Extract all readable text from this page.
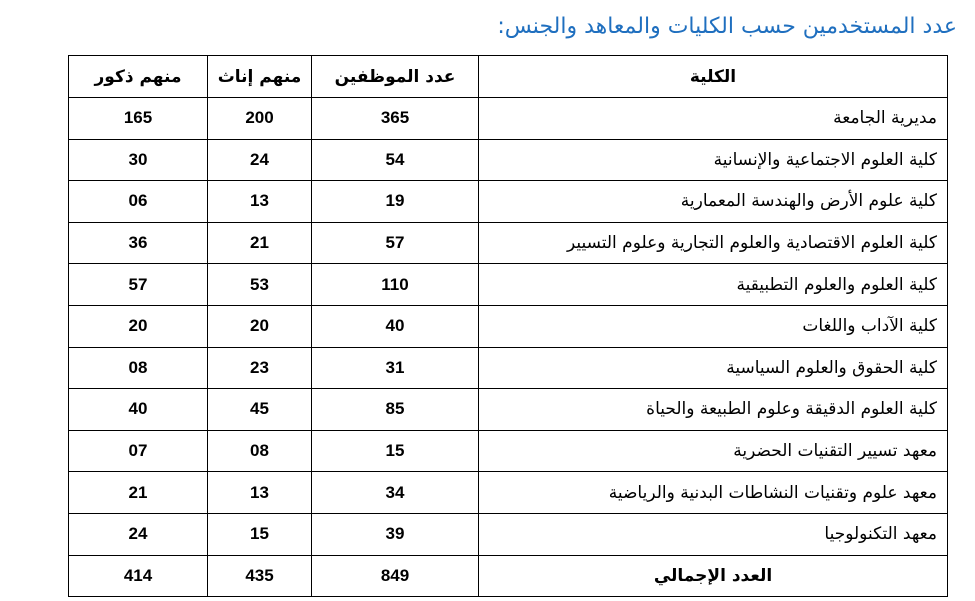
عدد المستخدمين حسب الكليات والمعاهد والجنس:
الكلية	عدد الموظفين	منهم إناث	منهم ذكور
مديرية الجامعة	365	200	165
كلية العلوم الاجتماعية والإنسانية	54	24	30
كلية علوم الأرض والهندسة المعمارية	19	13	06
كلية العلوم الاقتصادية والعلوم التجارية وعلوم التسيير	57	21	36
كلية العلوم والعلوم التطبيقية	110	53	57
كلية الآداب واللغات	40	20	20
كلية الحقوق والعلوم السياسية	31	23	08
كلية العلوم الدقيقة وعلوم الطبيعة والحياة	85	45	40
معهد تسيير التقنيات الحضرية	15	08	07
معهد علوم وتقنيات النشاطات البدنية والرياضية	34	13	21
معهد التكنولوجيا	39	15	24
العدد الإجمالي	849	435	414
